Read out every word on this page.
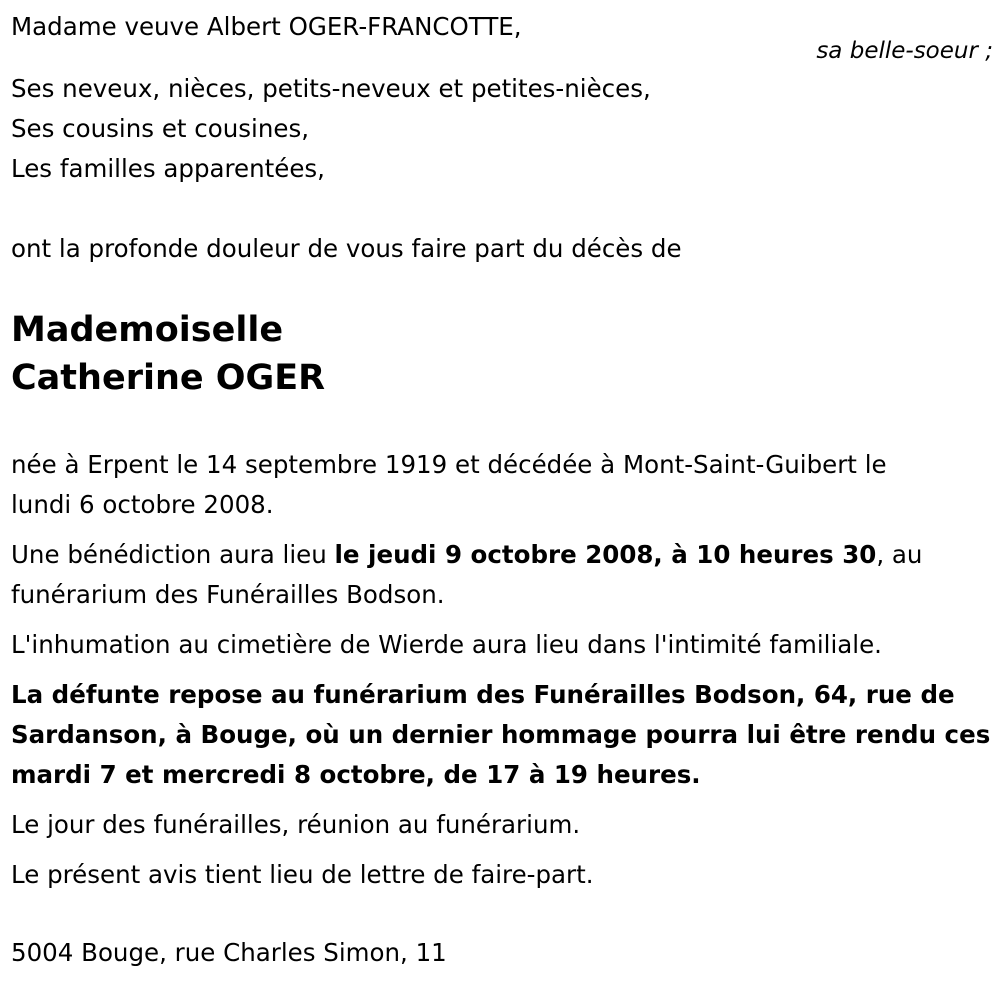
Madame veuve Albert OGER-FRANCOTTE,
sa belle-soeur ;
Ses neveux, nièces, petits-neveux et petites-nièces,
Ses cousins et cousines,
Les familles apparentées,
ont la profonde douleur de vous faire part du décès de
Mademoiselle
Catherine OGER
née à Erpent le 14 septembre 1919 et décédée à Mont-Saint-Guibert le
lundi 6 octobre 2008.
Une bénédiction aura lieu le jeudi 9 octobre 2008, à 10 heures 30, au
funérarium des Funérailles Bodson.
L'inhumation au cimetière de Wierde aura lieu dans l'intimité familiale.
La défunte repose au funérarium des Funérailles Bodson, 64, rue de
Sardanson, à Bouge, où un dernier hommage pourra lui être rendu ces
mardi 7 et mercredi 8 octobre, de 17 à 19 heures.
Le jour des funérailles, réunion au funérarium.
Le présent avis tient lieu de lettre de faire-part.
5004 Bouge, rue Charles Simon, 11
